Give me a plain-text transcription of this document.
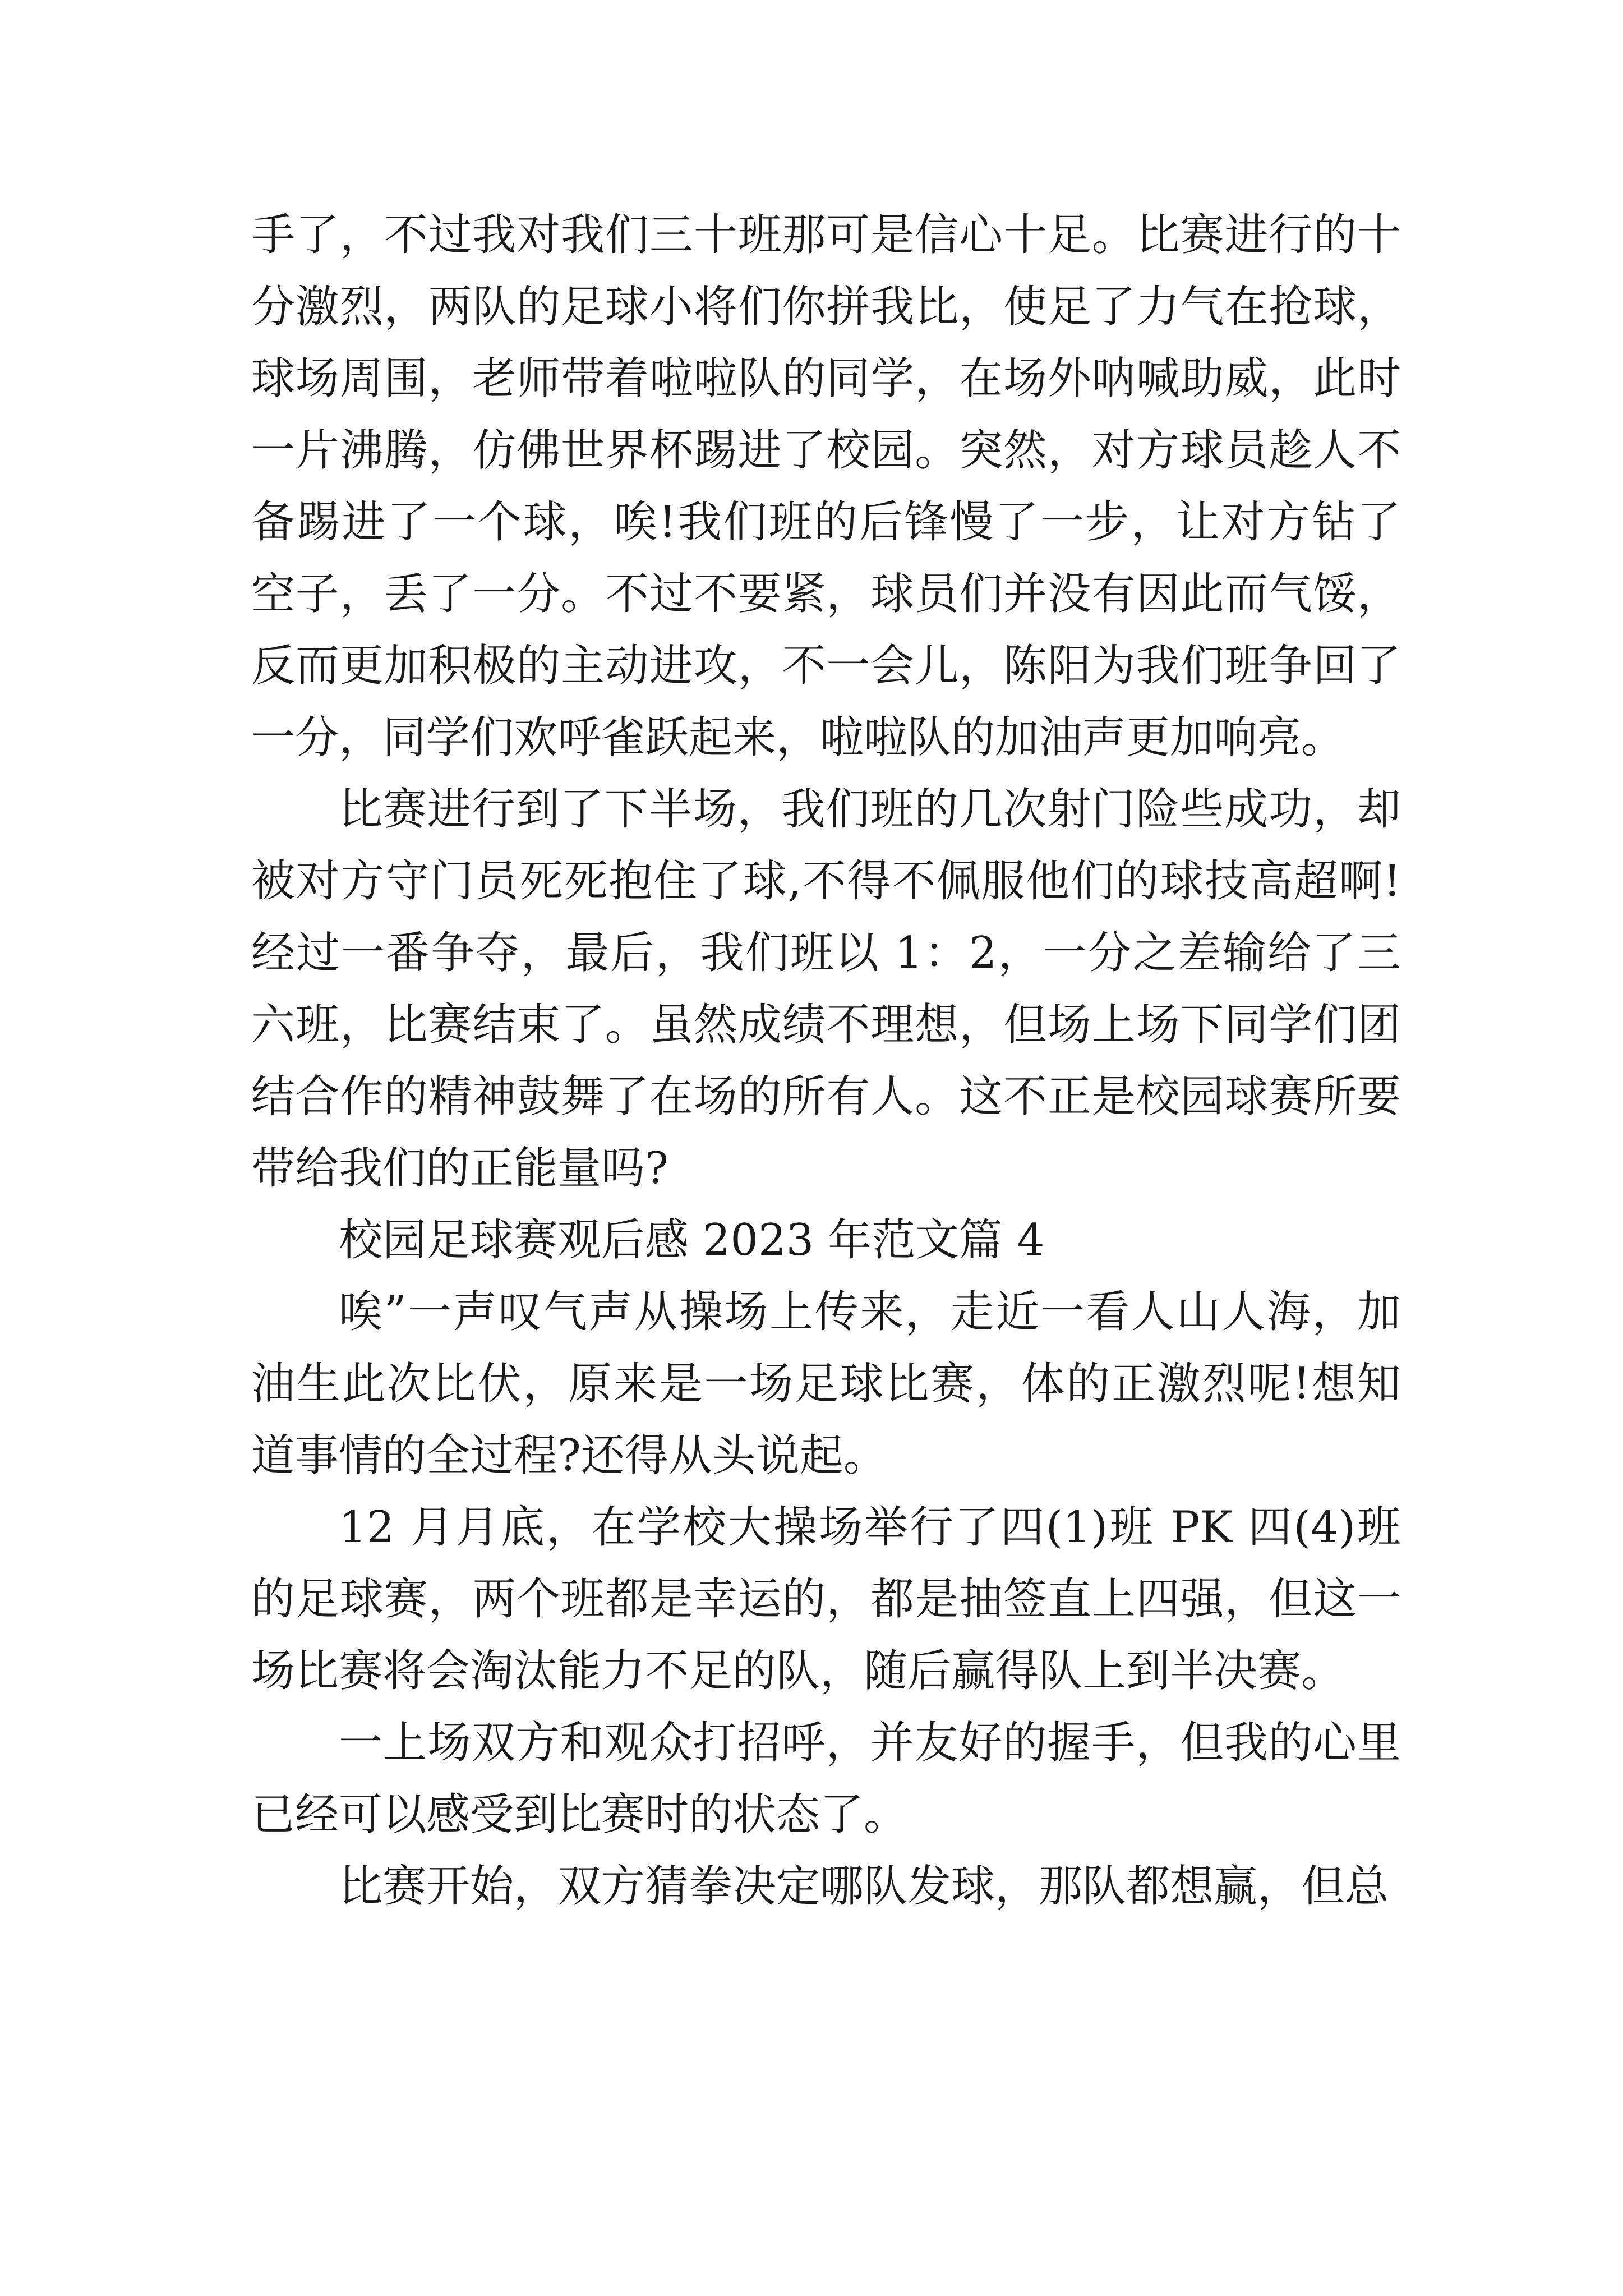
手了，不过我对我们三十班那可是信心十足。比赛进行的十分激烈，两队的足球小将们你拼我比，使足了力气在抢球，球场周围，老师带着啦啦队的同学，在场外呐喊助威，此时一片沸腾，仿佛世界杯踢进了校园。突然，对方球员趁人不备踢进了一个球，唉!我们班的后锋慢了一步，让对方钻了空子，丢了一分。不过不要紧，球员们并没有因此而气馁，反而更加积极的主动进攻，不一会儿，陈阳为我们班争回了一分，同学们欢呼雀跃起来，啦啦队的加油声更加响亮。

比赛进行到了下半场，我们班的几次射门险些成功，却被对方守门员死死抱住了球,不得不佩服他们的球技高超啊!经过一番争夺，最后，我们班以 1：2，一分之差输给了三六班，比赛结束了。虽然成绩不理想，但场上场下同学们团结合作的精神鼓舞了在场的所有人。这不正是校园球赛所要带给我们的正能量吗?

校园足球赛观后感 2023 年范文篇 4

唉”一声叹气声从操场上传来，走近一看人山人海，加油生此次比伏，原来是一场足球比赛，体的正激烈呢!想知道事情的全过程?还得从头说起。

12 月月底，在学校大操场举行了四(1)班 PK 四(4)班的足球赛，两个班都是幸运的，都是抽签直上四强，但这一场比赛将会淘汰能力不足的队，随后赢得队上到半决赛。

一上场双方和观众打招呼，并友好的握手，但我的心里已经可以感受到比赛时的状态了。

比赛开始，双方猜拳决定哪队发球，那队都想赢，但总
